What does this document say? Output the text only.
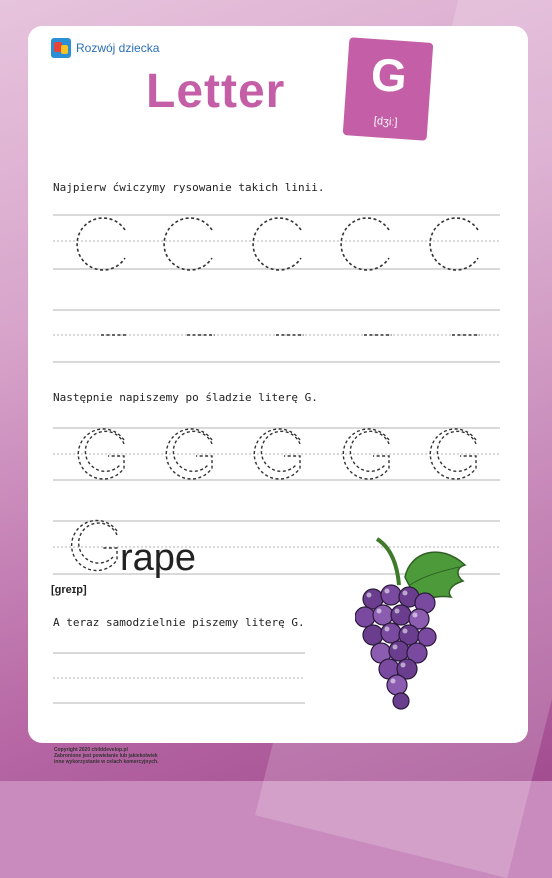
Rozwój dziecka
Letter	G
[dʒiː]
Najpierw ćwiczymy rysowanie takich linii.
Następnie napiszemy po śladzie literę G.
A teraz samodzielnie piszemy literę G.
rape
[greɪp]
Copyright 2020 childdevelop.pl
Zabronione jest powielanie lub jakiekolwiek
inne wykorzystanie w celach komercyjnych.
